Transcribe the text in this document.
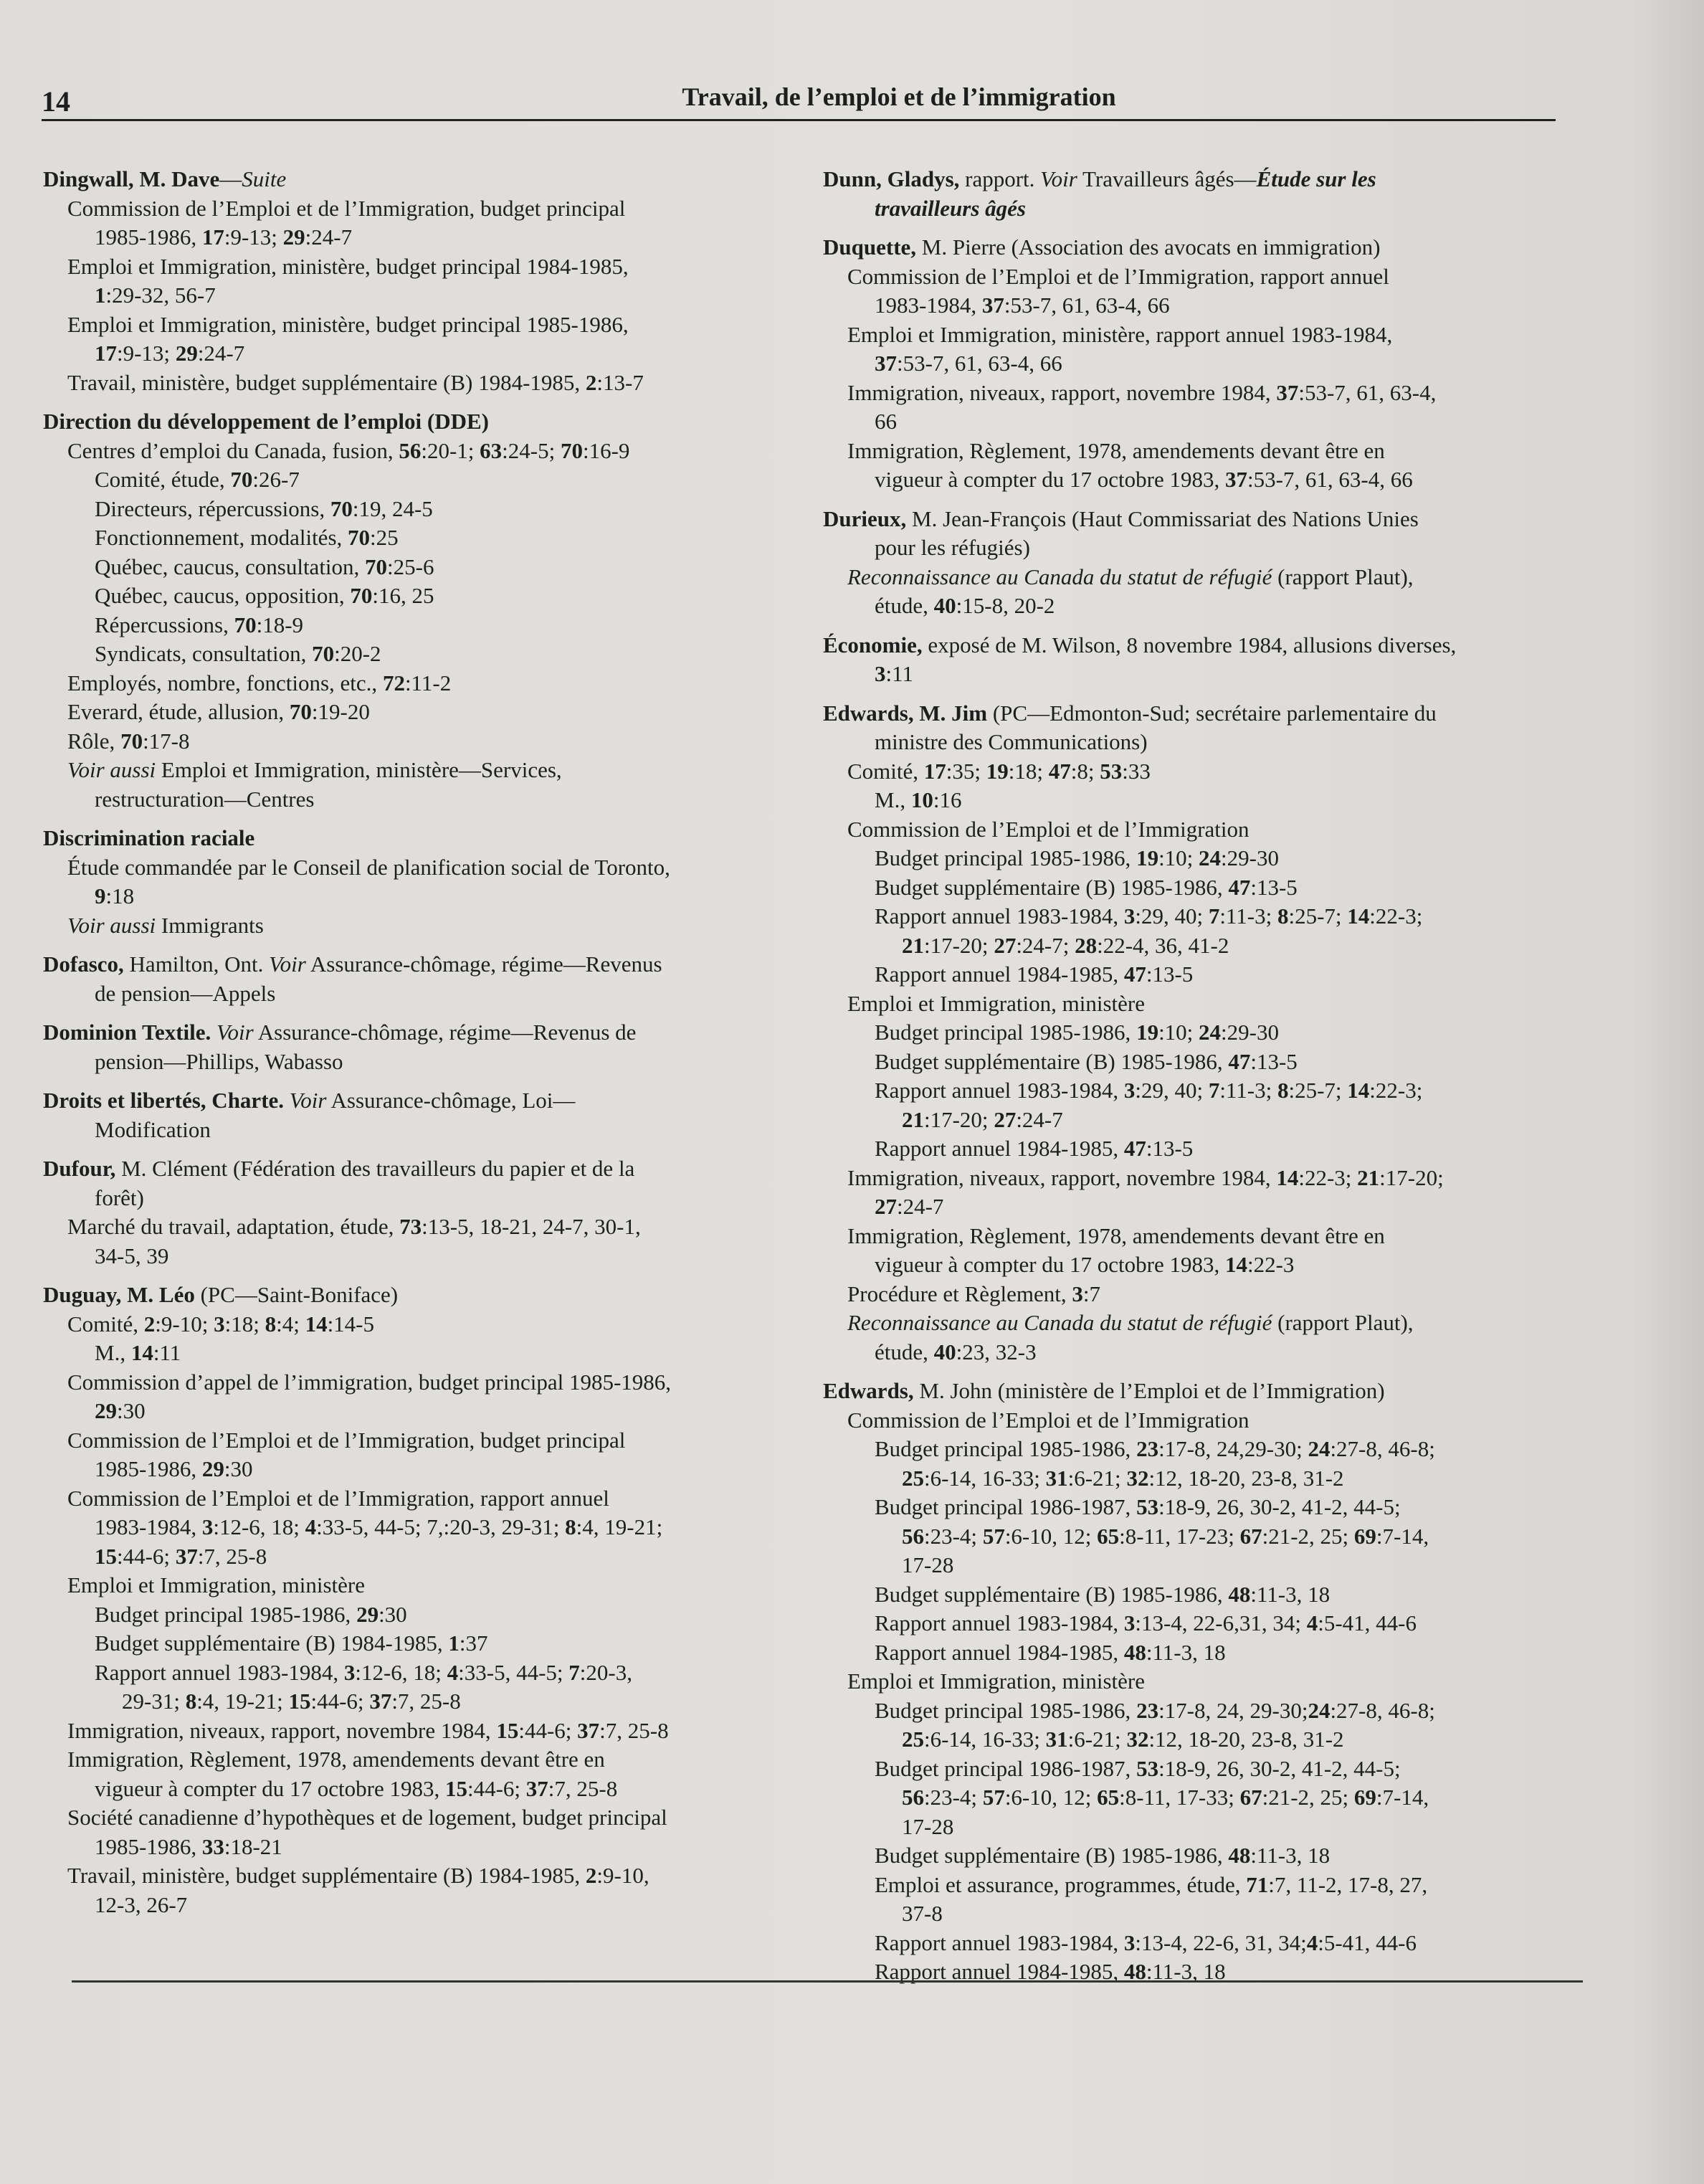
14	Travail, de l’emploi et de l’immigration
Dingwall, M. Dave—Suite
Commission de l’Emploi et de l’Immigration, budget principal
1985-1986, 17:9-13; 29:24-7
Emploi et Immigration, ministère, budget principal 1984-1985,
1:29-32, 56-7
Emploi et Immigration, ministère, budget principal 1985-1986,
17:9-13; 29:24-7
Travail, ministère, budget supplémentaire (B) 1984-1985, 2:13-7
Direction du développement de l’emploi (DDE)
Centres d’emploi du Canada, fusion, 56:20-1; 63:24-5; 70:16-9
Comité, étude, 70:26-7
Directeurs, répercussions, 70:19, 24-5
Fonctionnement, modalités, 70:25
Québec, caucus, consultation, 70:25-6
Québec, caucus, opposition, 70:16, 25
Répercussions, 70:18-9
Syndicats, consultation, 70:20-2
Employés, nombre, fonctions, etc., 72:11-2
Everard, étude, allusion, 70:19-20
Rôle, 70:17-8
Voir aussi Emploi et Immigration, ministère—Services,
restructuration—Centres
Discrimination raciale
Étude commandée par le Conseil de planification social de Toronto,
9:18
Voir aussi Immigrants
Dofasco, Hamilton, Ont. Voir Assurance-chômage, régime—Revenus
de pension—Appels
Dominion Textile. Voir Assurance-chômage, régime—Revenus de
pension—Phillips, Wabasso
Droits et libertés, Charte. Voir Assurance-chômage, Loi—
Modification
Dufour, M. Clément (Fédération des travailleurs du papier et de la
forêt)
Marché du travail, adaptation, étude, 73:13-5, 18-21, 24-7, 30-1,
34-5, 39
Duguay, M. Léo (PC—Saint-Boniface)
Comité, 2:9-10; 3:18; 8:4; 14:14-5
M., 14:11
Commission d’appel de l’immigration, budget principal 1985-1986,
29:30
Commission de l’Emploi et de l’Immigration, budget principal
1985-1986, 29:30
Commission de l’Emploi et de l’Immigration, rapport annuel
1983-1984, 3:12-6, 18; 4:33-5, 44-5; 7,:20-3, 29-31; 8:4, 19-21;
15:44-6; 37:7, 25-8
Emploi et Immigration, ministère
Budget principal 1985-1986, 29:30
Budget supplémentaire (B) 1984-1985, 1:37
Rapport annuel 1983-1984, 3:12-6, 18; 4:33-5, 44-5; 7:20-3,
29-31; 8:4, 19-21; 15:44-6; 37:7, 25-8
Immigration, niveaux, rapport, novembre 1984, 15:44-6; 37:7, 25-8
Immigration, Règlement, 1978, amendements devant être en
vigueur à compter du 17 octobre 1983, 15:44-6; 37:7, 25-8
Société canadienne d’hypothèques et de logement, budget principal
1985-1986, 33:18-21
Travail, ministère, budget supplémentaire (B) 1984-1985, 2:9-10,
12-3, 26-7
Dunn, Gladys, rapport. Voir Travailleurs âgés—Étude sur les
travailleurs âgés
Duquette, M. Pierre (Association des avocats en immigration)
Commission de l’Emploi et de l’Immigration, rapport annuel
1983-1984, 37:53-7, 61, 63-4, 66
Emploi et Immigration, ministère, rapport annuel 1983-1984,
37:53-7, 61, 63-4, 66
Immigration, niveaux, rapport, novembre 1984, 37:53-7, 61, 63-4,
66
Immigration, Règlement, 1978, amendements devant être en
vigueur à compter du 17 octobre 1983, 37:53-7, 61, 63-4, 66
Durieux, M. Jean-François (Haut Commissariat des Nations Unies
pour les réfugiés)
Reconnaissance au Canada du statut de réfugié (rapport Plaut),
étude, 40:15-8, 20-2
Économie, exposé de M. Wilson, 8 novembre 1984, allusions diverses,
3:11
Edwards, M. Jim (PC—Edmonton-Sud; secrétaire parlementaire du
ministre des Communications)
Comité, 17:35; 19:18; 47:8; 53:33
M., 10:16
Commission de l’Emploi et de l’Immigration
Budget principal 1985-1986, 19:10; 24:29-30
Budget supplémentaire (B) 1985-1986, 47:13-5
Rapport annuel 1983-1984, 3:29, 40; 7:11-3; 8:25-7; 14:22-3;
21:17-20; 27:24-7; 28:22-4, 36, 41-2
Rapport annuel 1984-1985, 47:13-5
Emploi et Immigration, ministère
Budget principal 1985-1986, 19:10; 24:29-30
Budget supplémentaire (B) 1985-1986, 47:13-5
Rapport annuel 1983-1984, 3:29, 40; 7:11-3; 8:25-7; 14:22-3;
21:17-20; 27:24-7
Rapport annuel 1984-1985, 47:13-5
Immigration, niveaux, rapport, novembre 1984, 14:22-3; 21:17-20;
27:24-7
Immigration, Règlement, 1978, amendements devant être en
vigueur à compter du 17 octobre 1983, 14:22-3
Procédure et Règlement, 3:7
Reconnaissance au Canada du statut de réfugié (rapport Plaut),
étude, 40:23, 32-3
Edwards, M. John (ministère de l’Emploi et de l’Immigration)
Commission de l’Emploi et de l’Immigration
Budget principal 1985-1986, 23:17-8, 24,29-30; 24:27-8, 46-8;
25:6-14, 16-33; 31:6-21; 32:12, 18-20, 23-8, 31-2
Budget principal 1986-1987, 53:18-9, 26, 30-2, 41-2, 44-5;
56:23-4; 57:6-10, 12; 65:8-11, 17-23; 67:21-2, 25; 69:7-14,
17-28
Budget supplémentaire (B) 1985-1986, 48:11-3, 18
Rapport annuel 1983-1984, 3:13-4, 22-6,31, 34; 4:5-41, 44-6
Rapport annuel 1984-1985, 48:11-3, 18
Emploi et Immigration, ministère
Budget principal 1985-1986, 23:17-8, 24, 29-30;24:27-8, 46-8;
25:6-14, 16-33; 31:6-21; 32:12, 18-20, 23-8, 31-2
Budget principal 1986-1987, 53:18-9, 26, 30-2, 41-2, 44-5;
56:23-4; 57:6-10, 12; 65:8-11, 17-33; 67:21-2, 25; 69:7-14,
17-28
Budget supplémentaire (B) 1985-1986, 48:11-3, 18
Emploi et assurance, programmes, étude, 71:7, 11-2, 17-8, 27,
37-8
Rapport annuel 1983-1984, 3:13-4, 22-6, 31, 34;4:5-41, 44-6
Rapport annuel 1984-1985, 48:11-3, 18
